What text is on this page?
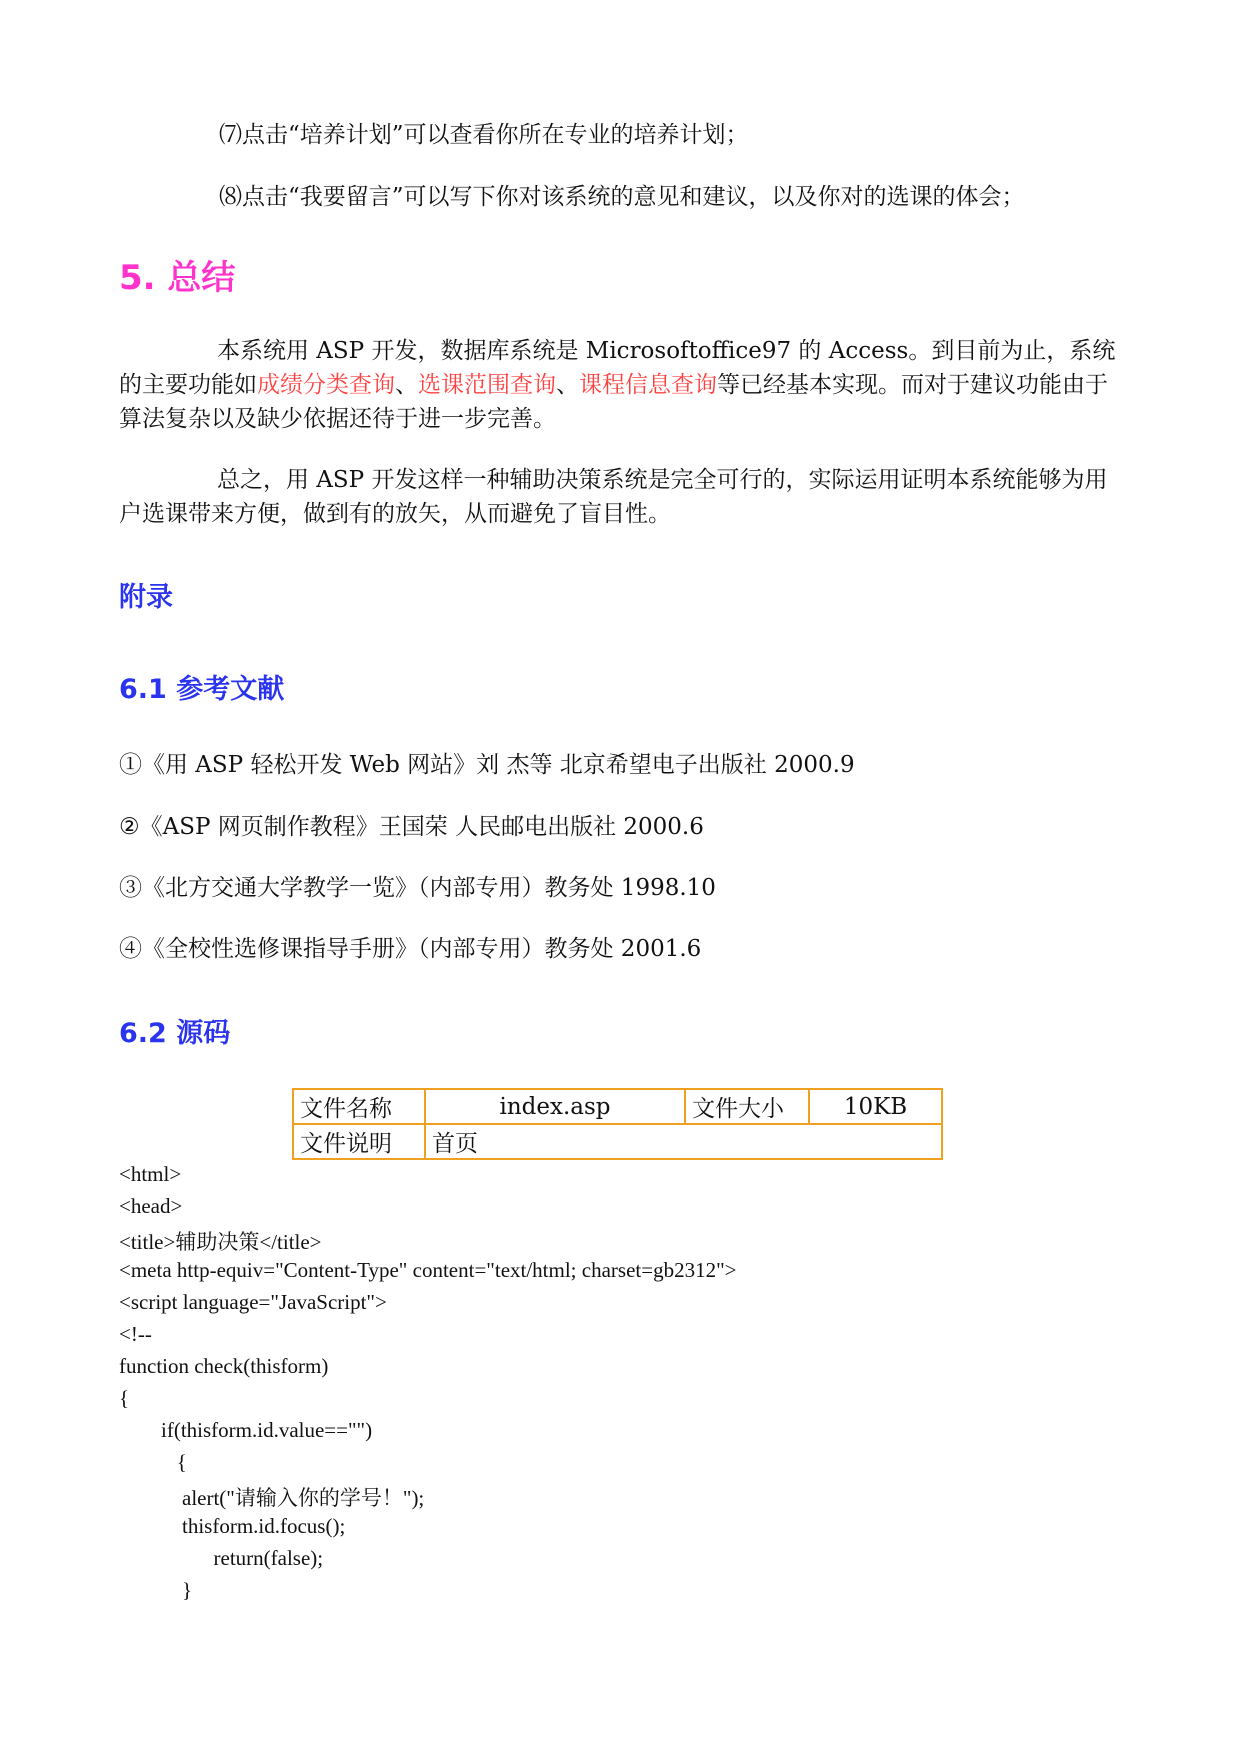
⑺点击“培养计划”可以查看你所在专业的培养计划；
⑻点击“我要留言”可以写下你对该系统的意见和建议，以及你对的选课的体会；
5. 总结
本系统用 ASP 开发，数据库系统是 Microsoftoffice97 的 Access。到目前为止，系统的主要功能如成绩分类查询、选课范围查询、课程信息查询等已经基本实现。而对于建议功能由于算法复杂以及缺少依据还待于进一步完善。
总之，用 ASP 开发这样一种辅助决策系统是完全可行的，实际运用证明本系统能够为用户选课带来方便，做到有的放矢，从而避免了盲目性。
附录
6.1 参考文献
①《用 ASP 轻松开发 Web 网站》刘 杰等 北京希望电子出版社 2000.9
②《ASP 网页制作教程》王国荣 人民邮电出版社 2000.6
③《北方交通大学教学一览》（内部专用）教务处 1998.10
④《全校性选修课指导手册》（内部专用）教务处 2001.6
6.2 源码
文件名称	index.asp	文件大小	10KB
文件说明	首页		
<html>
<head>
<title>辅助决策</title>
<meta http-equiv="Content-Type" content="text/html; charset=gb2312">
<script language="JavaScript">
<!--
function check(thisform)
{
if(thisform.id.value=="")
{
alert("请输入你的学号！");
thisform.id.focus();
return(false);
}
